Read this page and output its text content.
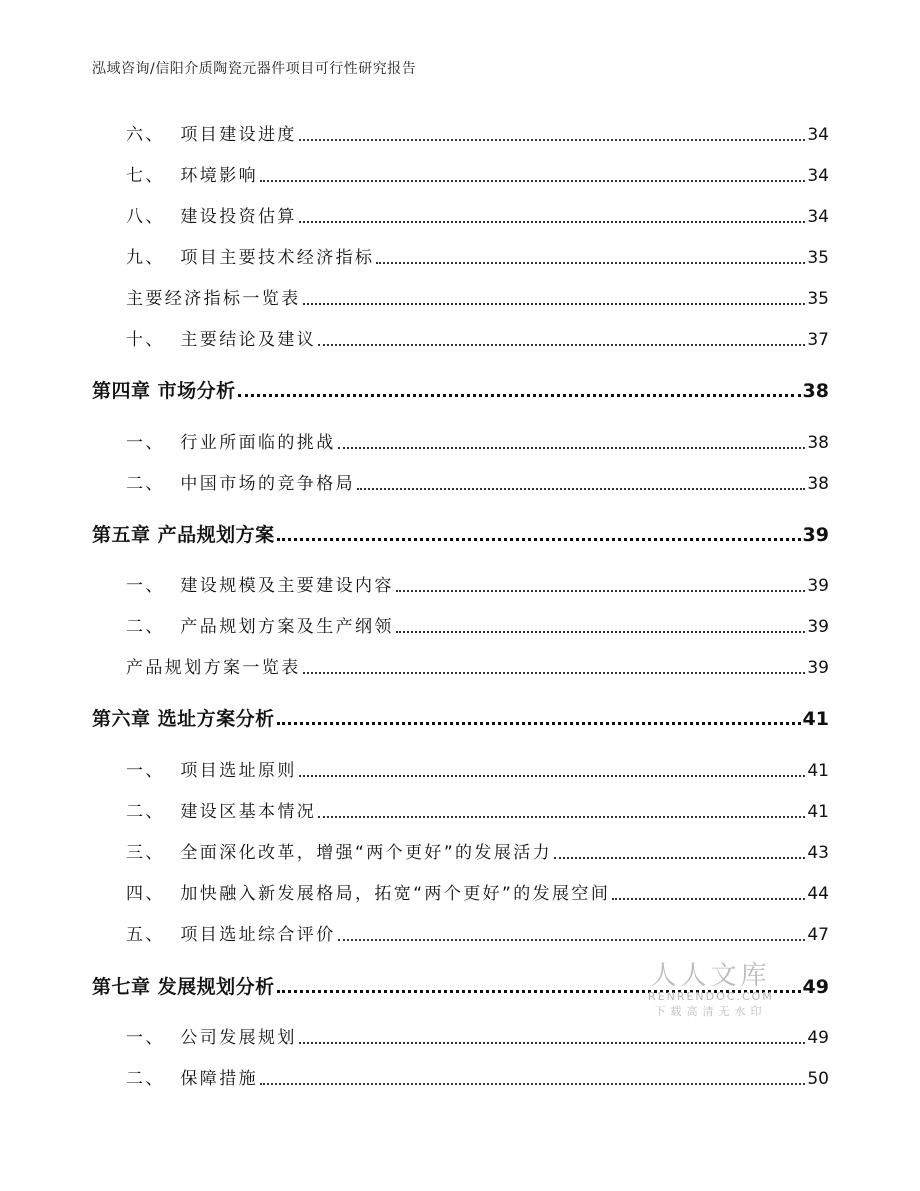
泓域咨询/信阳介质陶瓷元器件项目可行性研究报告
六、  项目建设进度	34
七、  环境影响	34
八、  建设投资估算	34
九、  项目主要技术经济指标	35
主要经济指标一览表	35
十、  主要结论及建议	37
第四章 市场分析	38
一、  行业所面临的挑战	38
二、  中国市场的竞争格局	38
第五章 产品规划方案	39
一、  建设规模及主要建设内容	39
二、  产品规划方案及生产纲领	39
产品规划方案一览表	39
第六章 选址方案分析	41
一、  项目选址原则	41
二、  建设区基本情况	41
三、  全面深化改革，增强“两个更好”的发展活力	43
四、  加快融入新发展格局，拓宽“两个更好”的发展空间	44
五、  项目选址综合评价	47
第七章 发展规划分析	49
一、  公司发展规划	49
二、  保障措施	50
人人文库
RENRENDOC.COM
下载高清无水印
